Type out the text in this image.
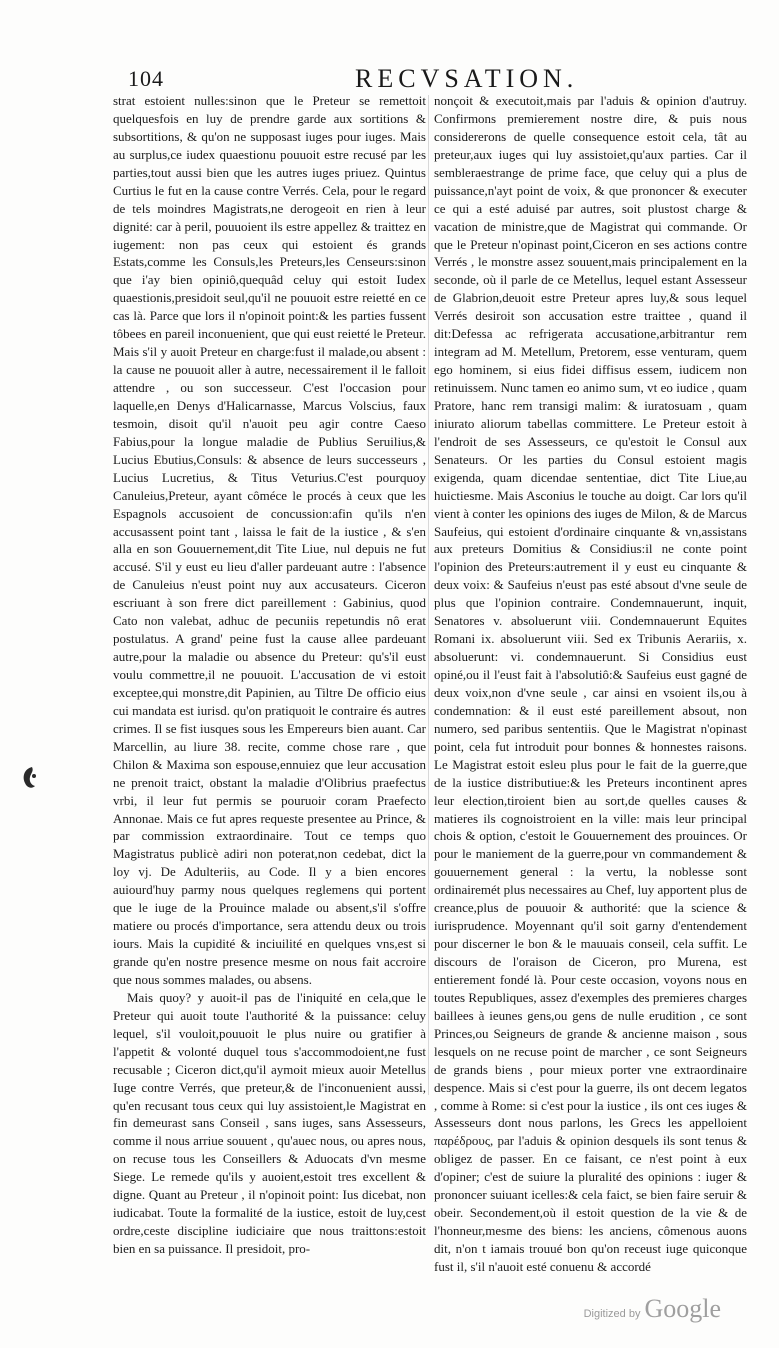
104	RECVSATION.

strat estoient nulles:sinon que le Preteur se remettoit quelquesfois en luy de prendre garde aux sortitions & subsortitions, & qu'on ne supposast iuges pour iuges. Mais au surplus,ce iudex quaestionu pouuoit estre recusé par les parties,tout aussi bien que les autres iuges priuez. Quintus Curtius le fut en la cause contre Verrés. Cela, pour le regard de tels moindres Magistrats,ne derogeoit en rien à leur dignité: car à peril, pouuoient ils estre appellez & traittez en iugement: non pas ceux qui estoient és grands Estats,comme les Consuls,les Preteurs,les Censeurs:sinon que i'ay bien opiniô,quequâd celuy qui estoit Iudex quaestionis,presidoit seul,qu'il ne pouuoit estre reietté en ce cas là. Parce que lors il n'opinoit point:& les parties fussent tôbees en pareil inconuenient, que qui eust reietté le Preteur. Mais s'il y auoit Preteur en charge:fust il malade,ou absent : la cause ne pouuoit aller à autre, necessairement il le falloit attendre , ou son successeur. C'est l'occasion pour laquelle,en Denys d'Halicarnasse, Marcus Volscius, faux tesmoin, disoit qu'il n'auoit peu agir contre Caeso Fabius,pour la longue maladie de Publius Seruilius,& Lucius Ebutius,Consuls: & absence de leurs successeurs , Lucius Lucretius, & Titus Veturius.C'est pourquoy Canuleius,Preteur, ayant côméce le procés à ceux que les Espagnols accusoient de concussion:afin qu'ils n'en accusassent point tant , laissa le fait de la iustice , & s'en alla en son Gouuernement,dit Tite Liue, nul depuis ne fut accusé. S'il y eust eu lieu d'aller pardeuant autre : l'absence de Canuleius n'eust point nuy aux accusateurs. Ciceron escriuant à son frere dict pareillement : Gabinius, quod Cato non valebat, adhuc de pecuniis repetundis nô erat postulatus. A grand' peine fust la cause allee pardeuant autre,pour la maladie ou absence du Preteur: qu's'il eust voulu commettre,il ne pouuoit. L'accusation de vi estoit exceptee,qui monstre,dit Papinien, au Tiltre De officio eius cui mandata est iurisd. qu'on pratiquoit le contraire és autres crimes. Il se fist iusques sous les Empereurs bien auant. Car Marcellin, au liure 38. recite, comme chose rare , que Chilon & Maxima son espouse,ennuiez que leur accusation ne prenoit traict, obstant la maladie d'Olibrius praefectus vrbi, il leur fut permis se pouruoir coram Praefecto Annonae. Mais ce fut apres requeste presentee au Prince, & par commission extraordinaire. Tout ce temps quo Magistratus publicè adiri non poterat,non cedebat, dict la loy vj. De Adulteriis, au Code. Il y a bien encores auiourd'huy parmy nous quelques reglemens qui portent que le iuge de la Prouince malade ou absent,s'il s'offre matiere ou procés d'importance, sera attendu deux ou trois iours. Mais la cupidité & inciuilité en quelques vns,est si grande qu'en nostre presence mesme on nous fait accroire que nous sommes malades, ou absens.

Mais quoy? y auoit-il pas de l'iniquité en cela,que le Preteur qui auoit toute l'authorité & la puissance: celuy lequel, s'il vouloit,pouuoit le plus nuire ou gratifier à l'appetit & volonté duquel tous s'accommodoient,ne fust recusable ; Ciceron dict,qu'il aymoit mieux auoir Metellus Iuge contre Verrés, que preteur,& de l'inconuenient aussi, qu'en recusant tous ceux qui luy assistoient,le Magistrat en fin demeurast sans Conseil , sans iuges, sans Assesseurs, comme il nous arriue souuent , qu'auec nous, ou apres nous, on recuse tous les Conseillers & Aduocats d'vn mesme Siege. Le remede qu'ils y auoient,estoit tres excellent & digne. Quant au Preteur , il n'opinoit point: Ius dicebat, non iudicabat. Toute la formalité de la iustice, estoit de luy,cest ordre,ceste discipline iudiciaire que nous traittons:estoit bien en sa puissance. Il presidoit, pro-

nonçoit & executoit,mais par l'aduis & opinion d'autruy. Confirmons premierement nostre dire, & puis nous considererons de quelle consequence estoit cela, tât au preteur,aux iuges qui luy assistoiet,qu'aux parties. Car il sembleraestrange de prime face, que celuy qui a plus de puissance,n'ayt point de voix, & que prononcer & executer ce qui a esté aduisé par autres, soit plustost charge & vacation de ministre,que de Magistrat qui commande. Or que le Preteur n'opinast point,Ciceron en ses actions contre Verrés , le monstre assez souuent,mais principalement en la seconde, où il parle de ce Metellus, lequel estant Assesseur de Glabrion,deuoit estre Preteur apres luy,& sous lequel Verrés desiroit son accusation estre traittee , quand il dit:Defessa ac refrigerata accusatione,arbitrantur rem integram ad M. Metellum, Pretorem, esse venturam, quem ego hominem, si eius fidei diffisus essem, iudicem non retinuissem. Nunc tamen eo animo sum, vt eo iudice , quam Pratore, hanc rem transigi malim: & iuratosuam , quam iniurato aliorum tabellas committere. Le Preteur estoit à l'endroit de ses Assesseurs, ce qu'estoit le Consul aux Senateurs. Or les parties du Consul estoient magis exigenda, quam dicendae sententiae, dict Tite Liue,au huictiesme. Mais Asconius le touche au doigt. Car lors qu'il vient à conter les opinions des iuges de Milon, & de Marcus Saufeius, qui estoient d'ordinaire cinquante & vn,assistans aux preteurs Domitius & Considius:il ne conte point l'opinion des Preteurs:autrement il y eust eu cinquante & deux voix: & Saufeius n'eust pas esté absout d'vne seule de plus que l'opinion contraire. Condemnauerunt, inquit, Senatores v. absoluerunt viii. Condemnauerunt Equites Romani ix. absoluerunt viii. Sed ex Tribunis Aerariis, x. absoluerunt: vi. condemnauerunt. Si Considius eust opiné,ou il l'eust fait à l'absolutiô:& Saufeius eust gagné de deux voix,non d'vne seule , car ainsi en vsoient ils,ou à condemnation: & il eust esté pareillement absout, non numero, sed paribus sententiis. Que le Magistrat n'opinast point, cela fut introduit pour bonnes & honnestes raisons. Le Magistrat estoit esleu plus pour le fait de la guerre,que de la iustice distributiue:& les Preteurs incontinent apres leur election,tiroient bien au sort,de quelles causes & matieres ils cognoistroient en la ville: mais leur principal chois & option, c'estoit le Gouuernement des prouinces. Or pour le maniement de la guerre,pour vn commandement & gouuernement general : la vertu, la noblesse sont ordinairemét plus necessaires au Chef, luy apportent plus de creance,plus de pouuoir & authorité: que la science & iurisprudence. Moyennant qu'il soit garny d'entendement pour discerner le bon & le mauuais conseil, cela suffit. Le discours de l'oraison de Ciceron, pro Murena, est entierement fondé là. Pour ceste occasion, voyons nous en toutes Republiques, assez d'exemples des premieres charges baillees à ieunes gens,ou gens de nulle erudition , ce sont Princes,ou Seigneurs de grande & ancienne maison , sous lesquels on ne recuse point de marcher , ce sont Seigneurs de grands biens , pour mieux porter vne extraordinaire despence. Mais si c'est pour la guerre, ils ont decem legatos , comme à Rome: si c'est pour la iustice , ils ont ces iuges & Assesseurs dont nous parlons, les Grecs les appelloient παρέδρους, par l'aduis & opinion desquels ils sont tenus & obligez de passer. En ce faisant, ce n'est point à eux d'opiner; c'est de suiure la pluralité des opinions : iuger & prononcer suiuant icelles:& cela faict, se bien faire seruir & obeir. Secondement,où il estoit question de la vie & de l'honneur,mesme des biens: les anciens, cômenous auons dit, n'on t iamais trouué bon qu'on receust iuge quiconque fust il, s'il n'auoit esté conuenu & accordé

Digitized by Google
